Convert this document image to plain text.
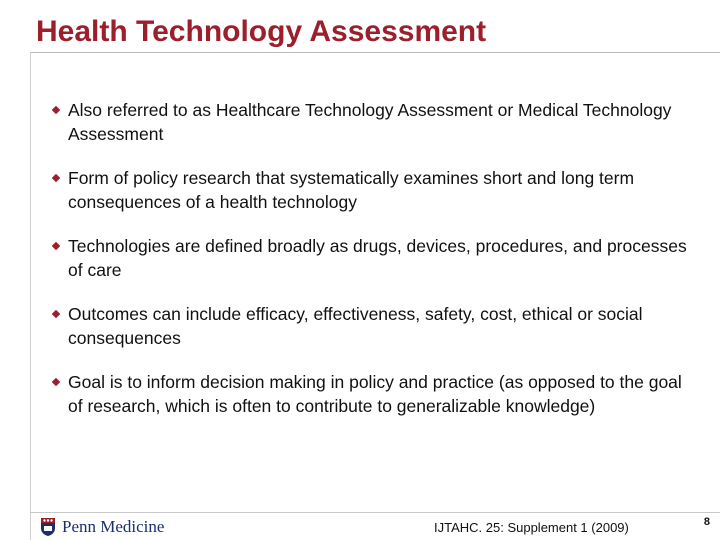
Health Technology Assessment
Also referred to as Healthcare Technology Assessment or Medical Technology Assessment
Form of policy research that systematically examines short and long term consequences of a health technology
Technologies are defined broadly as drugs, devices, procedures, and processes of care
Outcomes can include efficacy, effectiveness, safety, cost, ethical or social consequences
Goal is to inform decision making in policy and practice (as opposed to the goal of research, which is often to contribute to generalizable knowledge)
Penn Medicine	IJTAHC. 25: Supplement 1 (2009)	8
